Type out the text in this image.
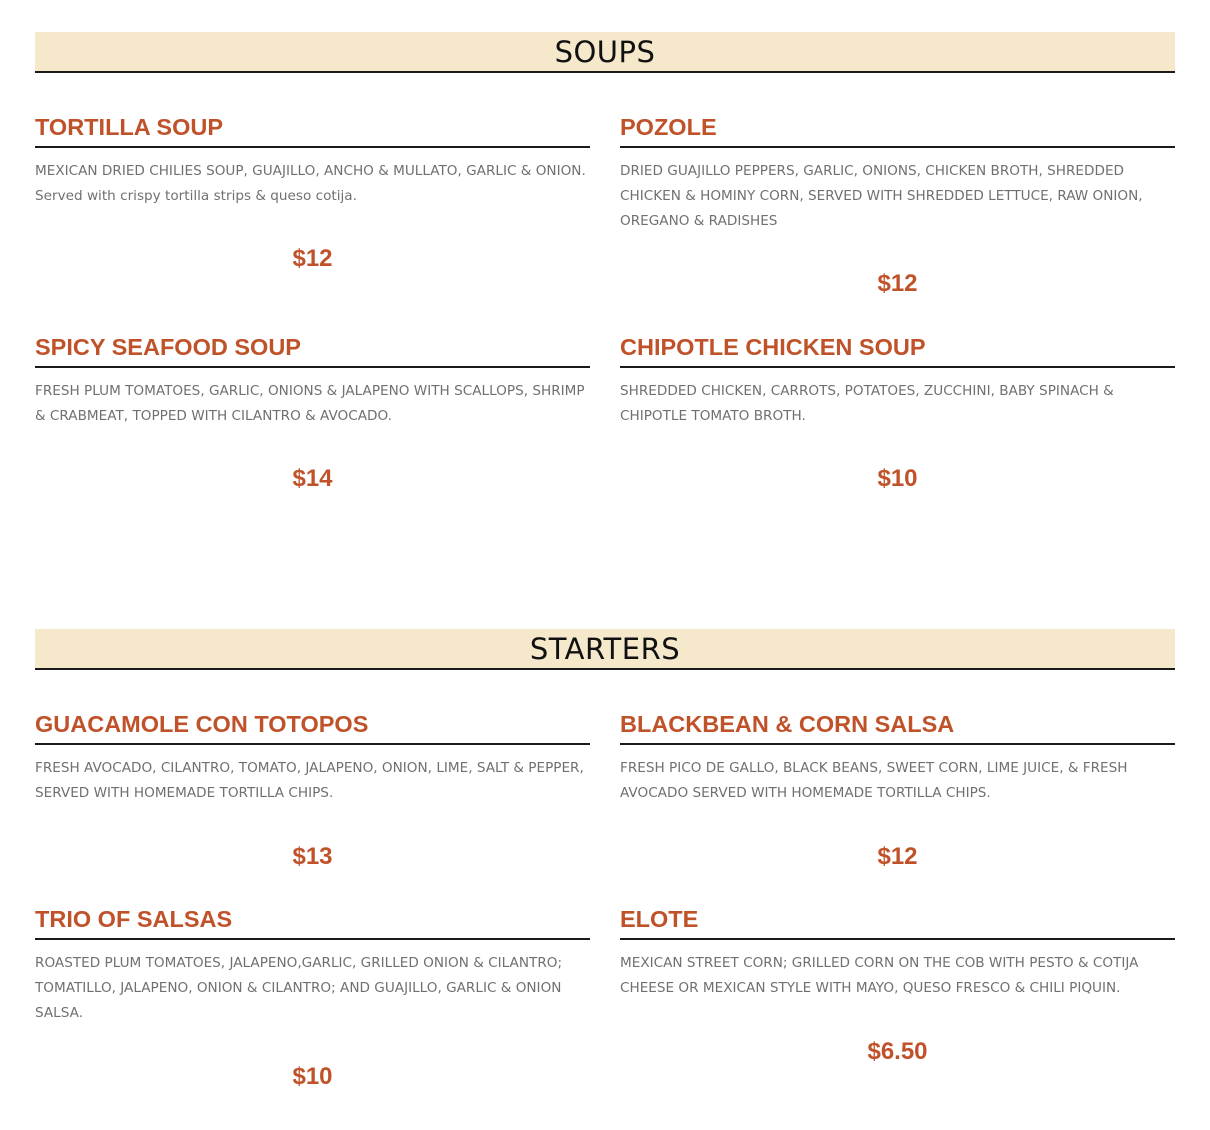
SOUPS
TORTILLA SOUP
MEXICAN DRIED CHILIES SOUP, GUAJILLO, ANCHO & MULLATO, GARLIC & ONION. Served with crispy tortilla strips & queso cotija.
$12
POZOLE
DRIED GUAJILLO PEPPERS, GARLIC, ONIONS, CHICKEN BROTH, SHREDDED CHICKEN & HOMINY CORN, SERVED WITH SHREDDED LETTUCE, RAW ONION, OREGANO & RADISHES
$12
SPICY SEAFOOD SOUP
FRESH PLUM TOMATOES, GARLIC, ONIONS & JALAPENO WITH SCALLOPS, SHRIMP & CRABMEAT, TOPPED WITH CILANTRO & AVOCADO.
$14
CHIPOTLE CHICKEN SOUP
SHREDDED CHICKEN, CARROTS, POTATOES, ZUCCHINI, BABY SPINACH & CHIPOTLE TOMATO BROTH.
$10
STARTERS
GUACAMOLE CON TOTOPOS
FRESH AVOCADO, CILANTRO, TOMATO, JALAPENO, ONION, LIME, SALT & PEPPER, SERVED WITH HOMEMADE TORTILLA CHIPS.
$13
BLACKBEAN & CORN SALSA
FRESH PICO DE GALLO, BLACK BEANS, SWEET CORN, LIME JUICE, & FRESH AVOCADO SERVED WITH HOMEMADE TORTILLA CHIPS.
$12
TRIO OF SALSAS
ROASTED PLUM TOMATOES, JALAPENO,GARLIC, GRILLED ONION & CILANTRO; TOMATILLO, JALAPENO, ONION & CILANTRO; AND GUAJILLO, GARLIC & ONION SALSA.
$10
ELOTE
MEXICAN STREET CORN; GRILLED CORN ON THE COB WITH PESTO & COTIJA CHEESE OR MEXICAN STYLE WITH MAYO, QUESO FRESCO & CHILI PIQUIN.
$6.50
